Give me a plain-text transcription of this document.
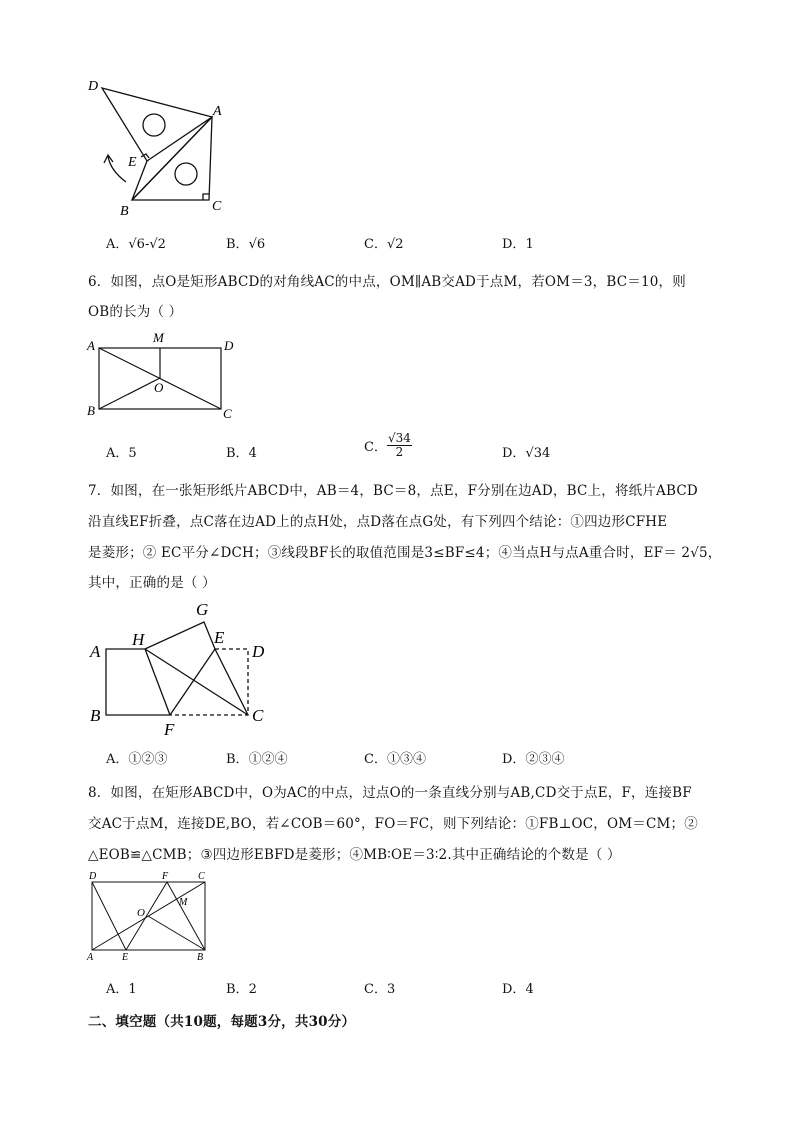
D
A
E
B	C
A．√6-√2	B．√6	C．√2	D．1
6．如图，点O是矩形ABCD的对角线AC的中点，OM∥AB交AD于点M，若OM＝3，BC＝10，则
OB的长为（ ）
A
M
D
O
B	C
A．5	B．4	C． $\frac{√34}{2}$	D．√34
7．如图，在一张矩形纸片ABCD中，AB＝4，BC＝8，点E，F分别在边AD，BC上，将纸片ABCD
沿直线EF折叠，点C落在边AD上的点H处，点D落在点G处，有下列四个结论：①四边形CFHE
是菱形；② EC平分∠DCH；③线段BF长的取值范围是3≤BF≤4；④当点H与点A重合时，EF＝ 2√5，
其中，正确的是（ ）
G
H	E
A	D
B
F
C
A．①②③	B．①②④	C．①③④	D．②③④
8．如图，在矩形ABCD中，O为AC的中点，过点O的一条直线分别与AB,CD交于点E，F，连接BF
交AC于点M，连接DE,BO，若∠COB＝60°，FO＝FC，则下列结论：①FB⊥OC，OM＝CM；②
△EOB≌△CMB；③四边形EBFD是菱形；④MB∶OE＝3∶2.其中正确结论的个数是（ ）
D	F	C
O
M
A	E	B
A．1	B．2	C．3	D．4
二、填空题（共10题，每题3分，共30分）
